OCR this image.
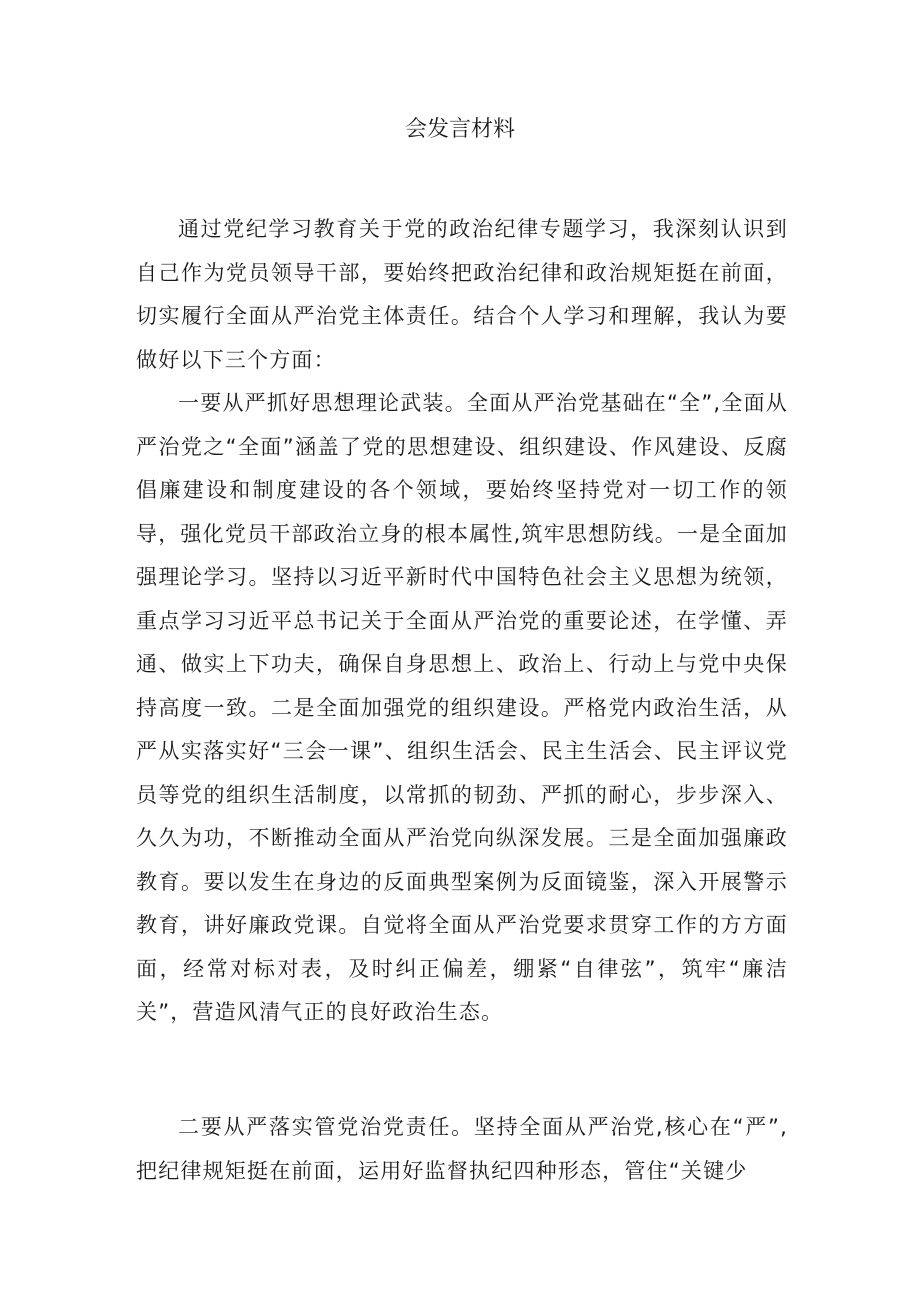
会发言材料

通过党纪学习教育关于党的政治纪律专题学习，我深刻认识到自己作为党员领导干部，要始终把政治纪律和政治规矩挺在前面，切实履行全面从严治党主体责任。结合个人学习和理解，我认为要做好以下三个方面：

一要从严抓好思想理论武装。全面从严治党基础在“全”,全面从严治党之“全面”涵盖了党的思想建设、组织建设、作风建设、反腐倡廉建设和制度建设的各个领域，要始终坚持党对一切工作的领导，强化党员干部政治立身的根本属性,筑牢思想防线。一是全面加强理论学习。坚持以习近平新时代中国特色社会主义思想为统领，重点学习习近平总书记关于全面从严治党的重要论述，在学懂、弄通、做实上下功夫，确保自身思想上、政治上、行动上与党中央保持高度一致。二是全面加强党的组织建设。严格党内政治生活，从严从实落实好“三会一课”、组织生活会、民主生活会、民主评议党员等党的组织生活制度，以常抓的韧劲、严抓的耐心，步步深入、久久为功，不断推动全面从严治党向纵深发展。三是全面加强廉政教育。要以发生在身边的反面典型案例为反面镜鉴，深入开展警示教育，讲好廉政党课。自觉将全面从严治党要求贯穿工作的方方面面，经常对标对表，及时纠正偏差，绷紧“自律弦”，筑牢“廉洁关”，营造风清气正的良好政治生态。

二要从严落实管党治党责任。坚持全面从严治党,核心在“严”,把纪律规矩挺在前面，运用好监督执纪四种形态，管住“关键少
